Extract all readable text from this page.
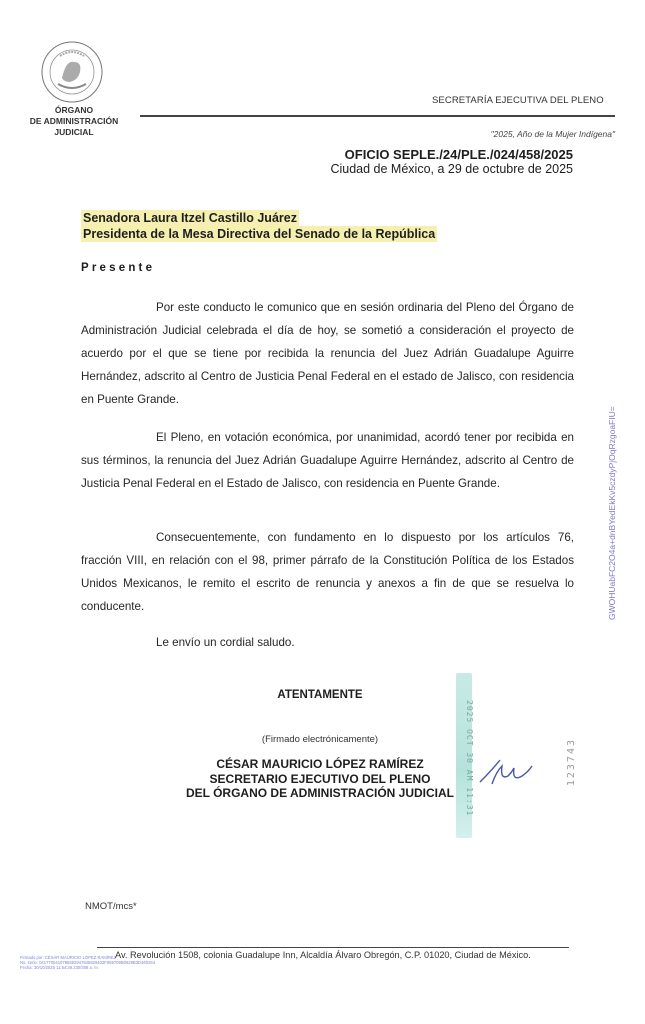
ÓRGANO
DE ADMINISTRACIÓN
JUDICIAL
SECRETARÍA EJECUTIVA DEL PLENO
"2025, Año de la Mujer Indígena"
OFICIO SEPLE./24/PLE./024/458/2025
Ciudad de México, a 29 de octubre de 2025
Senadora Laura Itzel Castillo Juárez
Presidenta de la Mesa Directiva del Senado de la República
Presente
Por este conducto le comunico que en sesión ordinaria del Pleno del Órgano de Administración Judicial celebrada el día de hoy, se sometió a consideración el proyecto de acuerdo por el que se tiene por recibida la renuncia del Juez Adrián Guadalupe Aguirre Hernández, adscrito al Centro de Justicia Penal Federal en el estado de Jalisco, con residencia en Puente Grande.
El Pleno, en votación económica, por unanimidad, acordó tener por recibida en sus términos, la renuncia del Juez Adrián Guadalupe Aguirre Hernández, adscrito al Centro de Justicia Penal Federal en el Estado de Jalisco, con residencia en Puente Grande.
Consecuentemente, con fundamento en lo dispuesto por los artículos 76, fracción VIII, en relación con el 98, primer párrafo de la Constitución Política de los Estados Unidos Mexicanos, le remito el escrito de renuncia y anexos a fin de que se resuelva lo conducente.
Le envío un cordial saludo.
ATENTAMENTE
(Firmado electrónicamente)
CÉSAR MAURICIO LÓPEZ RAMÍREZ
SECRETARIO EJECUTIVO DEL PLENO
DEL ÓRGANO DE ADMINISTRACIÓN JUDICIAL	2025 OCT 30 AM 11:31	123743
GWOHUabFC2O4a+dnBYedEkKv5czdyPjOqRzgoaFIU=
NMOT/mcs*
Av. Revolución 1508, colonia Guadalupe Inn, Alcaldía Álvaro Obregón, C.P. 01020, Ciudad de México.
Firmado por: CÉSAR MAURICIO LÓPEZ RAMÍREZ
No. serie: 0417700410795592947845829402F069709B0629B3D460264
Fecha: 30/10/2025 11:54:39.230/308 a. m.
